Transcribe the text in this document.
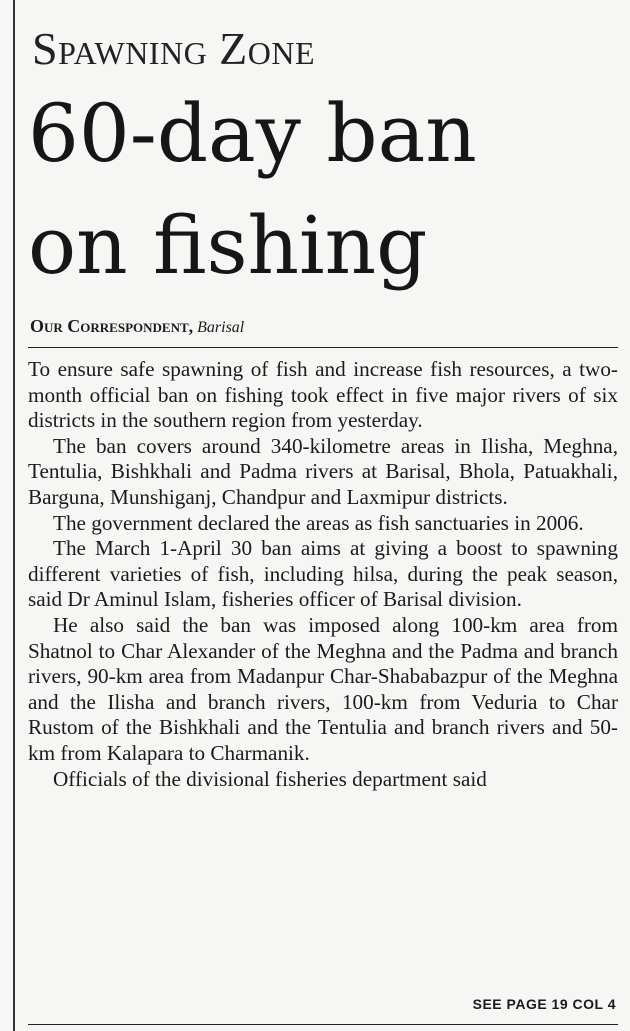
Spawning Zone
60-day ban
on fishing
Our Correspondent, Barisal

To ensure safe spawning of fish and increase fish resources, a two-month official ban on fishing took effect in five major rivers of six districts in the southern region from yesterday.

The ban covers around 340-kilometre areas in Ilisha, Meghna, Tentulia, Bishkhali and Padma rivers at Barisal, Bhola, Patuakhali, Barguna, Munshiganj, Chandpur and Laxmipur districts.

The government declared the areas as fish sanctuaries in 2006.

The March 1-April 30 ban aims at giving a boost to spawning different varieties of fish, including hilsa, during the peak season, said Dr Aminul Islam, fisheries officer of Barisal division.

He also said the ban was imposed along 100-km area from Shatnol to Char Alexander of the Meghna and the Padma and branch rivers, 90-km area from Madanpur Char-Shababazpur of the Meghna and the Ilisha and branch rivers, 100-km from Veduria to Char Rustom of the Bishkhali and the Tentulia and branch rivers and 50-km from Kalapara to Charmanik.

Officials of the divisional fisheries department said

SEE PAGE 19 COL 4
